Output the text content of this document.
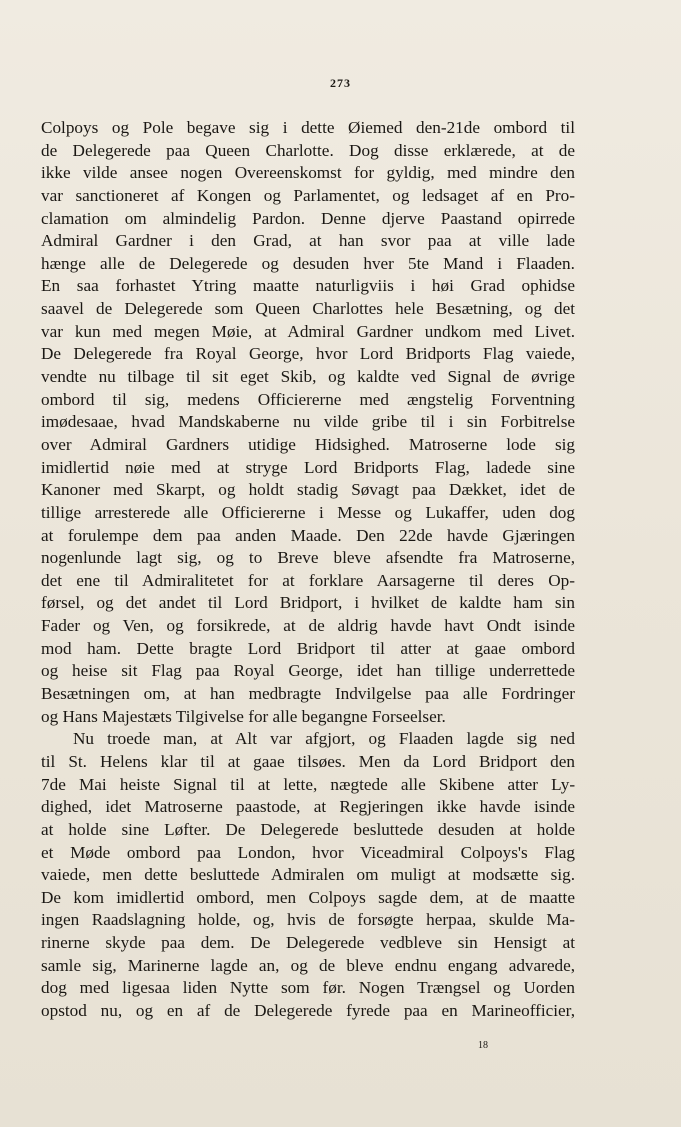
273
Colpoys og Pole begave sig i dette Øiemed den-21de ombord til
de Delegerede paa Queen Charlotte. Dog disse erklærede, at de
ikke vilde ansee nogen Overeenskomst for gyldig, med mindre den
var sanctioneret af Kongen og Parlamentet, og ledsaget af en Pro-
clamation om almindelig Pardon. Denne djerve Paastand opirrede
Admiral Gardner i den Grad, at han svor paa at ville lade
hænge alle de Delegerede og desuden hver 5te Mand i Flaaden.
En saa forhastet Ytring maatte naturligviis i høi Grad ophidse
saavel de Delegerede som Queen Charlottes hele Besætning, og det
var kun med megen Møie, at Admiral Gardner undkom med Livet.
De Delegerede fra Royal George, hvor Lord Bridports Flag vaiede,
vendte nu tilbage til sit eget Skib, og kaldte ved Signal de øvrige
ombord til sig, medens Officiererne med ængstelig Forventning
imødesaae, hvad Mandskaberne nu vilde gribe til i sin Forbitrelse
over Admiral Gardners utidige Hidsighed. Matroserne lode sig
imidlertid nøie med at stryge Lord Bridports Flag, ladede sine
Kanoner med Skarpt, og holdt stadig Søvagt paa Dækket, idet de
tillige arresterede alle Officiererne i Messe og Lukaffer, uden dog
at forulempe dem paa anden Maade. Den 22de havde Gjæringen
nogenlunde lagt sig, og to Breve bleve afsendte fra Matroserne,
det ene til Admiralitetet for at forklare Aarsagerne til deres Op-
førsel, og det andet til Lord Bridport, i hvilket de kaldte ham sin
Fader og Ven, og forsikrede, at de aldrig havde havt Ondt isinde
mod ham. Dette bragte Lord Bridport til atter at gaae ombord
og heise sit Flag paa Royal George, idet han tillige underrettede
Besætningen om, at han medbragte Indvilgelse paa alle Fordringer
og Hans Majestæts Tilgivelse for alle begangne Forseelser.
Nu troede man, at Alt var afgjort, og Flaaden lagde sig ned
til St. Helens klar til at gaae tilsøes. Men da Lord Bridport den
7de Mai heiste Signal til at lette, nægtede alle Skibene atter Ly-
dighed, idet Matroserne paastode, at Regjeringen ikke havde isinde
at holde sine Løfter. De Delegerede besluttede desuden at holde
et Møde ombord paa London, hvor Viceadmiral Colpoys's Flag
vaiede, men dette besluttede Admiralen om muligt at modsætte sig.
De kom imidlertid ombord, men Colpoys sagde dem, at de maatte
ingen Raadslagning holde, og, hvis de forsøgte herpaa, skulde Ma-
rinerne skyde paa dem. De Delegerede vedbleve sin Hensigt at
samle sig, Marinerne lagde an, og de bleve endnu engang advarede,
dog med ligesaa liden Nytte som før. Nogen Trængsel og Uorden
opstod nu, og en af de Delegerede fyrede paa en Marineofficier,
18
